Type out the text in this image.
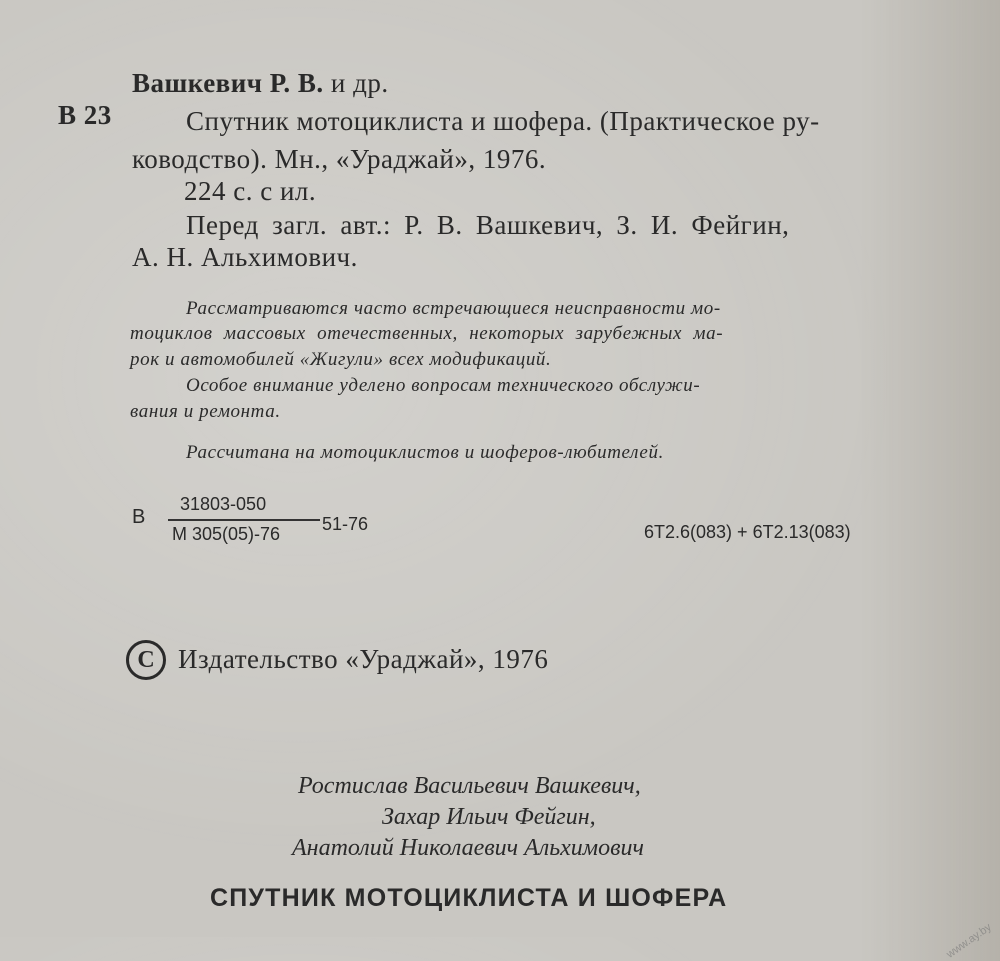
Вашкевич Р. В. и др.
В 23	Спутник мотоциклиста и шофера. (Практическое ру-
ководство). Мн., «Ураджай», 1976.
224 с. с ил.
Перед загл. авт.: Р. В. Вашкевич, З. И. Фейгин,
А. Н. Альхимович.
Рассматриваются часто встречающиеся неисправности мо-
тоциклов массовых отечественных, некоторых зарубежных ма-
рок и автомобилей «Жигули» всех модификаций.
Особое внимание уделено вопросам технического обслужи-
вания и ремонта.
Рассчитана на мотоциклистов и шоферов-любителей.
В
31803-050
М 305(05)-76 51-76	6Т2.6(083) + 6Т2.13(083)
С Издательство «Ураджай», 1976
Ростислав Васильевич Вашкевич,
Захар Ильич Фейгин,
Анатолий Николаевич Альхимович
СПУТНИК МОТОЦИКЛИСТА И ШОФЕРА
www.ay.by
